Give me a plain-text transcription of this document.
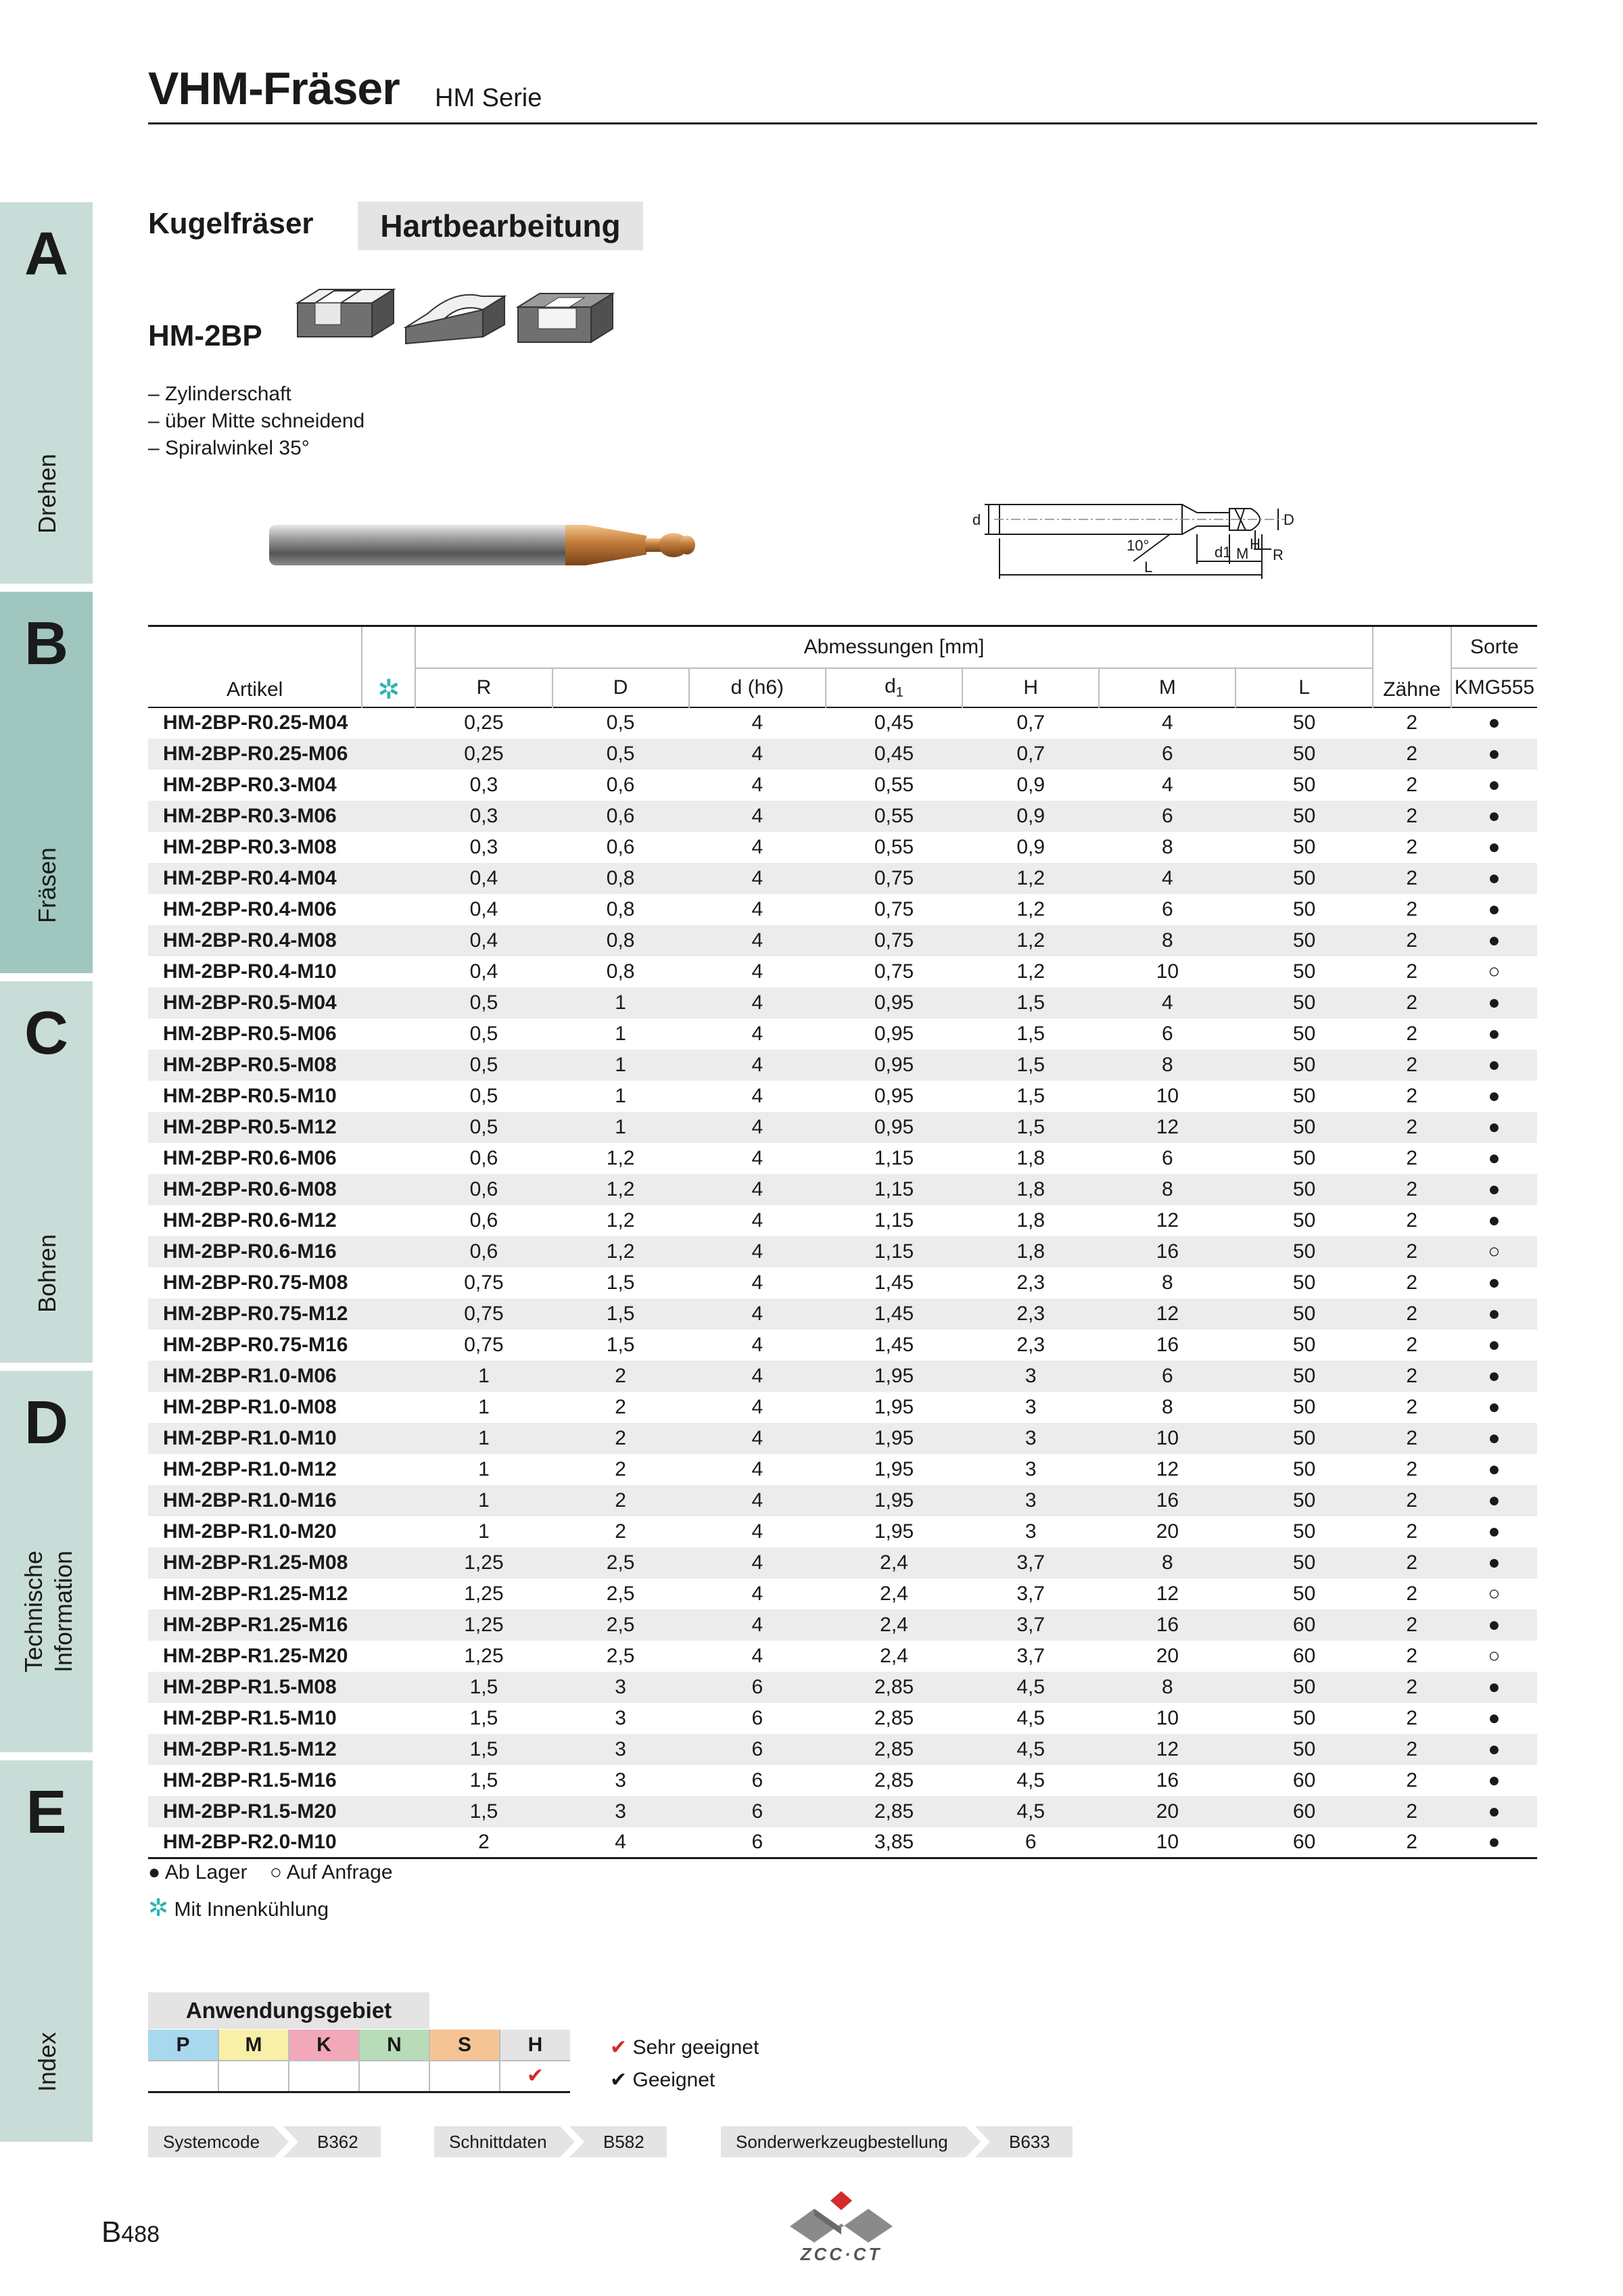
VHM-Fräser HM Serie
A
Drehen
B
Fräsen
C
Bohren
D
Technische
Information
E
Index
Kugelfräser	Hartbearbeitung
HM-2BP
– Zylinderschaft
– über Mitte schneidend
– Spiralwinkel 35°
d
10°	d1 M
H
D
R
L
Artikel	✲	Abmessungen [mm]							Zähne	Sorte
		R	D	d (h6)	$d_1$	H	M	L		KMG555
HM-2BP-R0.25-M04		0,25	0,5	4	0,45	0,7	4	50	2	●
HM-2BP-R0.25-M06		0,25	0,5	4	0,45	0,7	6	50	2	●
HM-2BP-R0.3-M04		0,3	0,6	4	0,55	0,9	4	50	2	●
HM-2BP-R0.3-M06		0,3	0,6	4	0,55	0,9	6	50	2	●
HM-2BP-R0.3-M08		0,3	0,6	4	0,55	0,9	8	50	2	●
HM-2BP-R0.4-M04		0,4	0,8	4	0,75	1,2	4	50	2	●
HM-2BP-R0.4-M06		0,4	0,8	4	0,75	1,2	6	50	2	●
HM-2BP-R0.4-M08		0,4	0,8	4	0,75	1,2	8	50	2	●
HM-2BP-R0.4-M10		0,4	0,8	4	0,75	1,2	10	50	2	○
HM-2BP-R0.5-M04		0,5	1	4	0,95	1,5	4	50	2	●
HM-2BP-R0.5-M06		0,5	1	4	0,95	1,5	6	50	2	●
HM-2BP-R0.5-M08		0,5	1	4	0,95	1,5	8	50	2	●
HM-2BP-R0.5-M10		0,5	1	4	0,95	1,5	10	50	2	●
HM-2BP-R0.5-M12		0,5	1	4	0,95	1,5	12	50	2	●
HM-2BP-R0.6-M06		0,6	1,2	4	1,15	1,8	6	50	2	●
HM-2BP-R0.6-M08		0,6	1,2	4	1,15	1,8	8	50	2	●
HM-2BP-R0.6-M12		0,6	1,2	4	1,15	1,8	12	50	2	●
HM-2BP-R0.6-M16		0,6	1,2	4	1,15	1,8	16	50	2	○
HM-2BP-R0.75-M08		0,75	1,5	4	1,45	2,3	8	50	2	●
HM-2BP-R0.75-M12		0,75	1,5	4	1,45	2,3	12	50	2	●
HM-2BP-R0.75-M16		0,75	1,5	4	1,45	2,3	16	50	2	●
HM-2BP-R1.0-M06		1	2	4	1,95	3	6	50	2	●
HM-2BP-R1.0-M08		1	2	4	1,95	3	8	50	2	●
HM-2BP-R1.0-M10		1	2	4	1,95	3	10	50	2	●
HM-2BP-R1.0-M12		1	2	4	1,95	3	12	50	2	●
HM-2BP-R1.0-M16		1	2	4	1,95	3	16	50	2	●
HM-2BP-R1.0-M20		1	2	4	1,95	3	20	50	2	●
HM-2BP-R1.25-M08		1,25	2,5	4	2,4	3,7	8	50	2	●
HM-2BP-R1.25-M12		1,25	2,5	4	2,4	3,7	12	50	2	○
HM-2BP-R1.25-M16		1,25	2,5	4	2,4	3,7	16	60	2	●
HM-2BP-R1.25-M20		1,25	2,5	4	2,4	3,7	20	60	2	○
HM-2BP-R1.5-M08		1,5	3	6	2,85	4,5	8	50	2	●
HM-2BP-R1.5-M10		1,5	3	6	2,85	4,5	10	50	2	●
HM-2BP-R1.5-M12		1,5	3	6	2,85	4,5	12	50	2	●
HM-2BP-R1.5-M16		1,5	3	6	2,85	4,5	16	60	2	●
HM-2BP-R1.5-M20		1,5	3	6	2,85	4,5	20	60	2	●
HM-2BP-R2.0-M10		2	4	6	3,85	6	10	60	2	●
● Ab Lager ○ Auf Anfrage
✲ Mit Innenkühlung
Anwendungsgebiet
P	M	K	N	S	H
					✔
✔ Sehr geeignet
✔ Geeignet
Systemcode	B362	Schnittdaten	B582	Sonderwerkzeugbestellung	B633
B488
ZCC·CT
